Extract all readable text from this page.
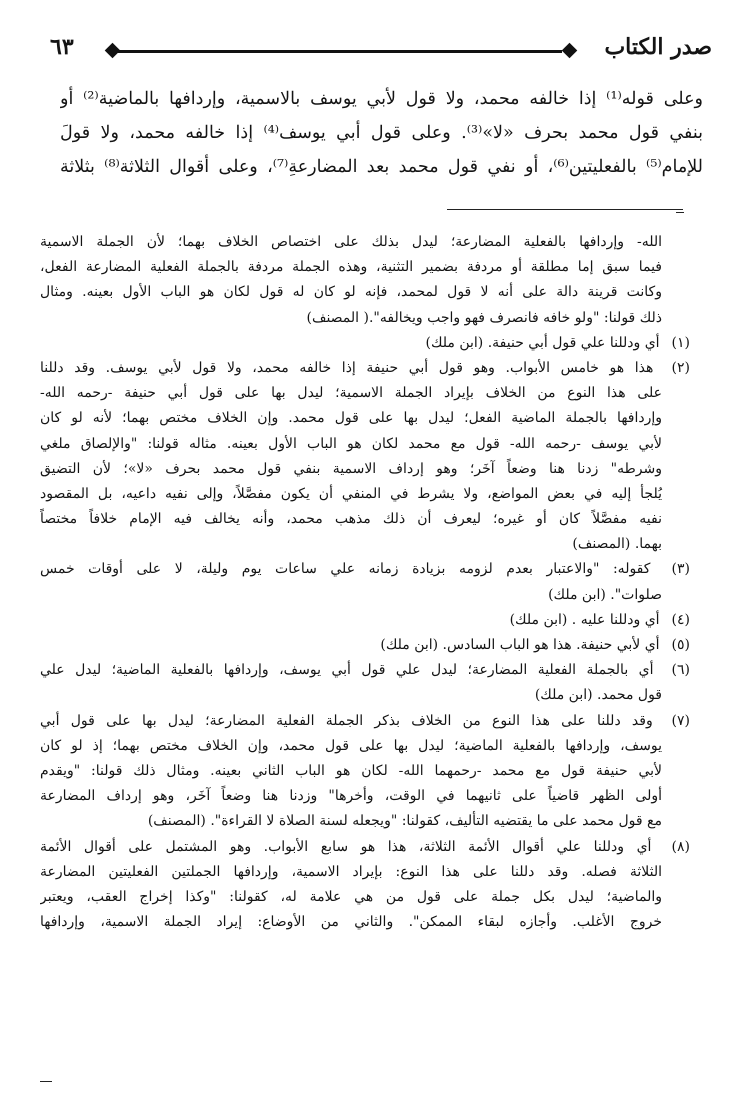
صدر الكتاب
٦٣

وعلى قوله⁽¹⁾ إذا خالفه محمد، ولا قول لأبي يوسف بالاسمية، وإردافها بالماضية⁽²⁾ أو

بنفي قول محمد بحرف «لا»⁽³⁾. وعلى قول أبي يوسف⁽⁴⁾ إذا خالفه محمد، ولا قولَ

للإمام⁽⁵⁾ بالفعليتين⁽⁶⁾، أو نفي قول محمد بعد المضارعةِ⁽⁷⁾، وعلى أقوال الثلاثة⁽⁸⁾ بثلاثة

الله- وإردافها بالفعلية المضارعة؛ ليدل بذلك على اختصاص الخلاف بهما؛ لأن الجملة الاسمية

فيما سبق إما مطلقة أو مردفة بضمير التثنية، وهذه الجملة مردفة بالجملة الفعلية المضارعة الفعل،

وكانت قرينة دالة على أنه لا قول لمحمد، فإنه لو كان له قول لكان هو الباب الأول بعينه. ومثال

ذلك قولنا: "ولو خافه فانصرف فهو واجب ويخالفه".( المصنف)

(١) أي ودللنا علي قول أبي حنيفة. (ابن ملك)

(٢) هذا هو خامس الأبواب. وهو قول أبي حنيفة إذا خالفه محمد، ولا قول لأبي يوسف. وقد دللنا

على هذا النوع من الخلاف بإيراد الجملة الاسمية؛ ليدل بها على قول أبي حنيفة -رحمه الله-

وإردافها بالجملة الماضية الفعل؛ ليدل بها على قول محمد. وإن الخلاف مختص بهما؛ لأنه لو كان

لأبي يوسف -رحمه الله- قول مع محمد لكان هو الباب الأول بعينه. مثاله قولنا: "والإلصاق ملغي

وشرطه" زدنا هنا وضعاً آخَر؛ وهو إرداف الاسمية بنفي قول محمد بحرف «لا»؛ لأن التضيق

يُلجأ إليه في بعض المواضع، ولا يشرط في المنفي أن يكون مفصَّلاً، وإلى نفيه داعيه، بل المقصود

نفيه مفصَّلاً كان أو غيره؛ ليعرف أن ذلك مذهب محمد، وأنه يخالف فيه الإمام خلافاً مختصاً

بهما. (المصنف)

(٣) كقوله: "والاعتبار بعدم لزومه بزيادة زمانه علي ساعات يوم وليلة، لا على أوقات خمس

صلوات". (ابن ملك)

(٤) أي ودللنا عليه . (ابن ملك)

(٥) أي لأبي حنيفة. هذا هو الباب السادس. (ابن ملك)

(٦) أي بالجملة الفعلية المضارعة؛ ليدل علي قول أبي يوسف، وإردافها بالفعلية الماضية؛ ليدل علي

قول محمد. (ابن ملك)

(٧) وقد دللنا على هذا النوع من الخلاف بذكر الجملة الفعلية المضارعة؛ ليدل بها على قول أبي

يوسف، وإردافها بالفعلية الماضية؛ ليدل بها على قول محمد، وإن الخلاف مختص بهما؛ إذ لو كان

لأبي حنيفة قول مع محمد -رحمهما الله- لكان هو الباب الثاني بعينه. ومثال ذلك قولنا: "ويقدم

أولى الظهر قاضياً على ثانيهما في الوقت، وأخرها" وزدنا هنا وضعاً آخَر، وهو إرداف المضارعة

مع قول محمد على ما يقتضيه التأليف، كقولنا: "ويجعله لسنة الصلاة لا القراءة". (المصنف)

(٨) أي ودللنا علي أقوال الأئمة الثلاثة، هذا هو سابع الأبواب. وهو المشتمل على أقوال الأئمة

الثلاثة فصله. وقد دللنا على هذا النوع: بإيراد الاسمية، وإردافها الجملتين الفعليتين المضارعة

والماضية؛ ليدل بكل جملة على قول من هي علامة له، كقولنا: "وكذا إخراج العقب، ويعتبر

خروج الأغلب. وأجازه لبقاء الممكن". والثاني من الأوضاع: إيراد الجملة الاسمية، وإردافها
